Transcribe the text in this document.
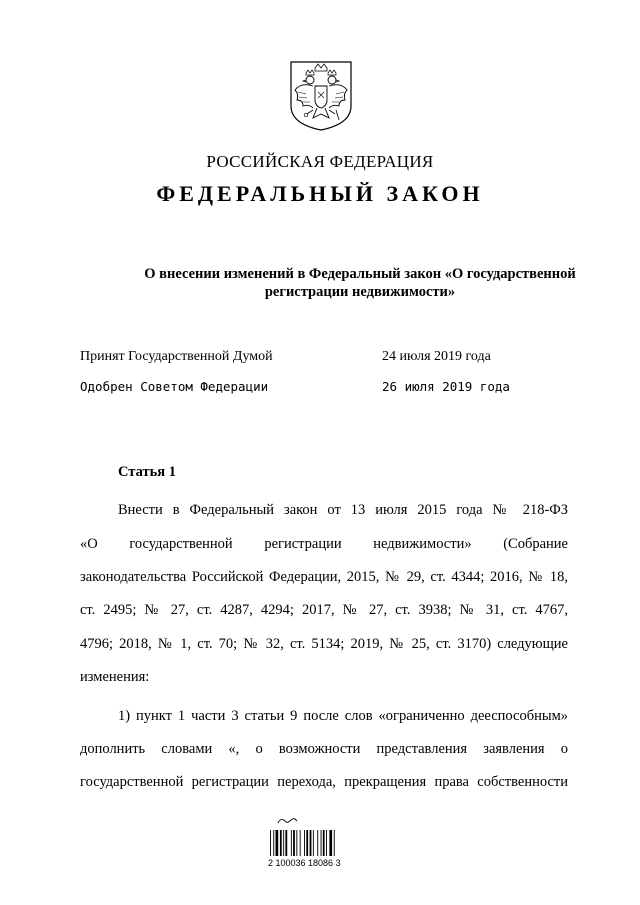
РОССИЙСКАЯ ФЕДЕРАЦИЯ
ФЕДЕРАЛЬНЫЙ ЗАКОН
О внесении изменений в Федеральный закон «О государственной
регистрации недвижимости»
Принят Государственной Думой	24 июля 2019 года
Одобрен Советом Федерации	26 июля 2019 года
Статья 1
Внести в Федеральный закон от 13 июля 2015 года № 218-ФЗ
«О государственной регистрации недвижимости» (Собрание
законодательства Российской Федерации, 2015, № 29, ст. 4344; 2016, № 18,
ст. 2495; № 27, ст. 4287, 4294; 2017, № 27, ст. 3938; № 31, ст. 4767,
4796; 2018, № 1, ст. 70; № 32, ст. 5134; 2019, № 25, ст. 3170) следующие
изменения:
1) пункт 1 части 3 статьи 9 после слов «ограниченно дееспособным»
дополнить словами «, о возможности представления заявления о
государственной регистрации перехода, прекращения права собственности
2 100036 18086 3
